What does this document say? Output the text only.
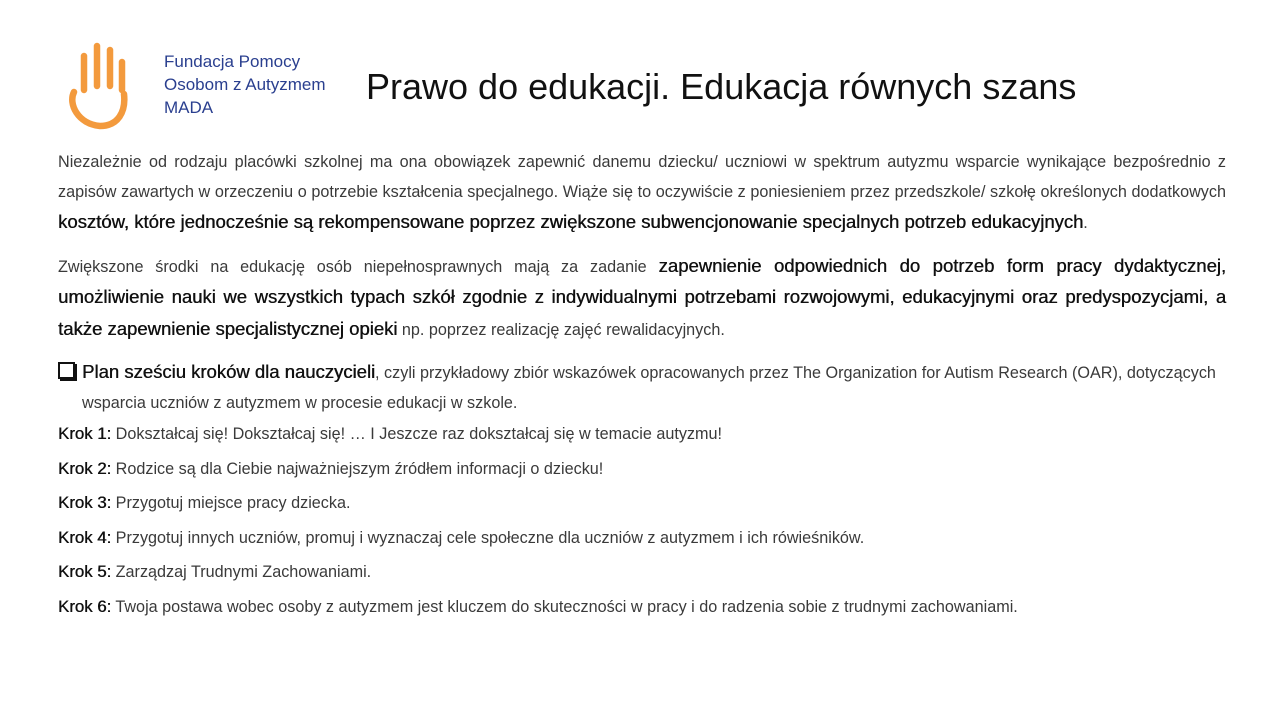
Fundacja Pomocy
Osobom z Autyzmem
MADA
Prawo do edukacji. Edukacja równych szans

Niezależnie od rodzaju placówki szkolnej ma ona obowiązek zapewnić danemu dziecku/ uczniowi w spektrum autyzmu wsparcie wynikające bezpośrednio z zapisów zawartych w orzeczeniu o potrzebie kształcenia specjalnego. Wiąże się to oczywiście z poniesieniem przez przedszkole/ szkołę określonych dodatkowych kosztów, które jednocześnie są rekompensowane poprzez zwiększone subwencjonowanie specjalnych potrzeb edukacyjnych.

Zwiększone środki na edukację osób niepełnosprawnych mają za zadanie zapewnienie odpowiednich do potrzeb form pracy dydaktycznej, umożliwienie nauki we wszystkich typach szkół zgodnie z indywidualnymi potrzebami rozwojowymi, edukacyjnymi oraz predyspozycjami, a także zapewnienie specjalistycznej opieki np. poprzez realizację zajęć rewalidacyjnych.

Plan sześciu kroków dla nauczycieli, czyli przykładowy zbiór wskazówek opracowanych przez The Organization for Autism Research (OAR), dotyczących wsparcia uczniów z autyzmem w procesie edukacji w szkole.
Krok 1: Dokształcaj się! Dokształcaj się! … I Jeszcze raz dokształcaj się w temacie autyzmu!
Krok 2: Rodzice są dla Ciebie najważniejszym źródłem informacji o dziecku!
Krok 3: Przygotuj miejsce pracy dziecka.
Krok 4: Przygotuj innych uczniów, promuj i wyznaczaj cele społeczne dla uczniów z autyzmem i ich rówieśników.
Krok 5: Zarządzaj Trudnymi Zachowaniami.
Krok 6: Twoja postawa wobec osoby z autyzmem jest kluczem do skuteczności w pracy i do radzenia sobie z trudnymi zachowaniami.
